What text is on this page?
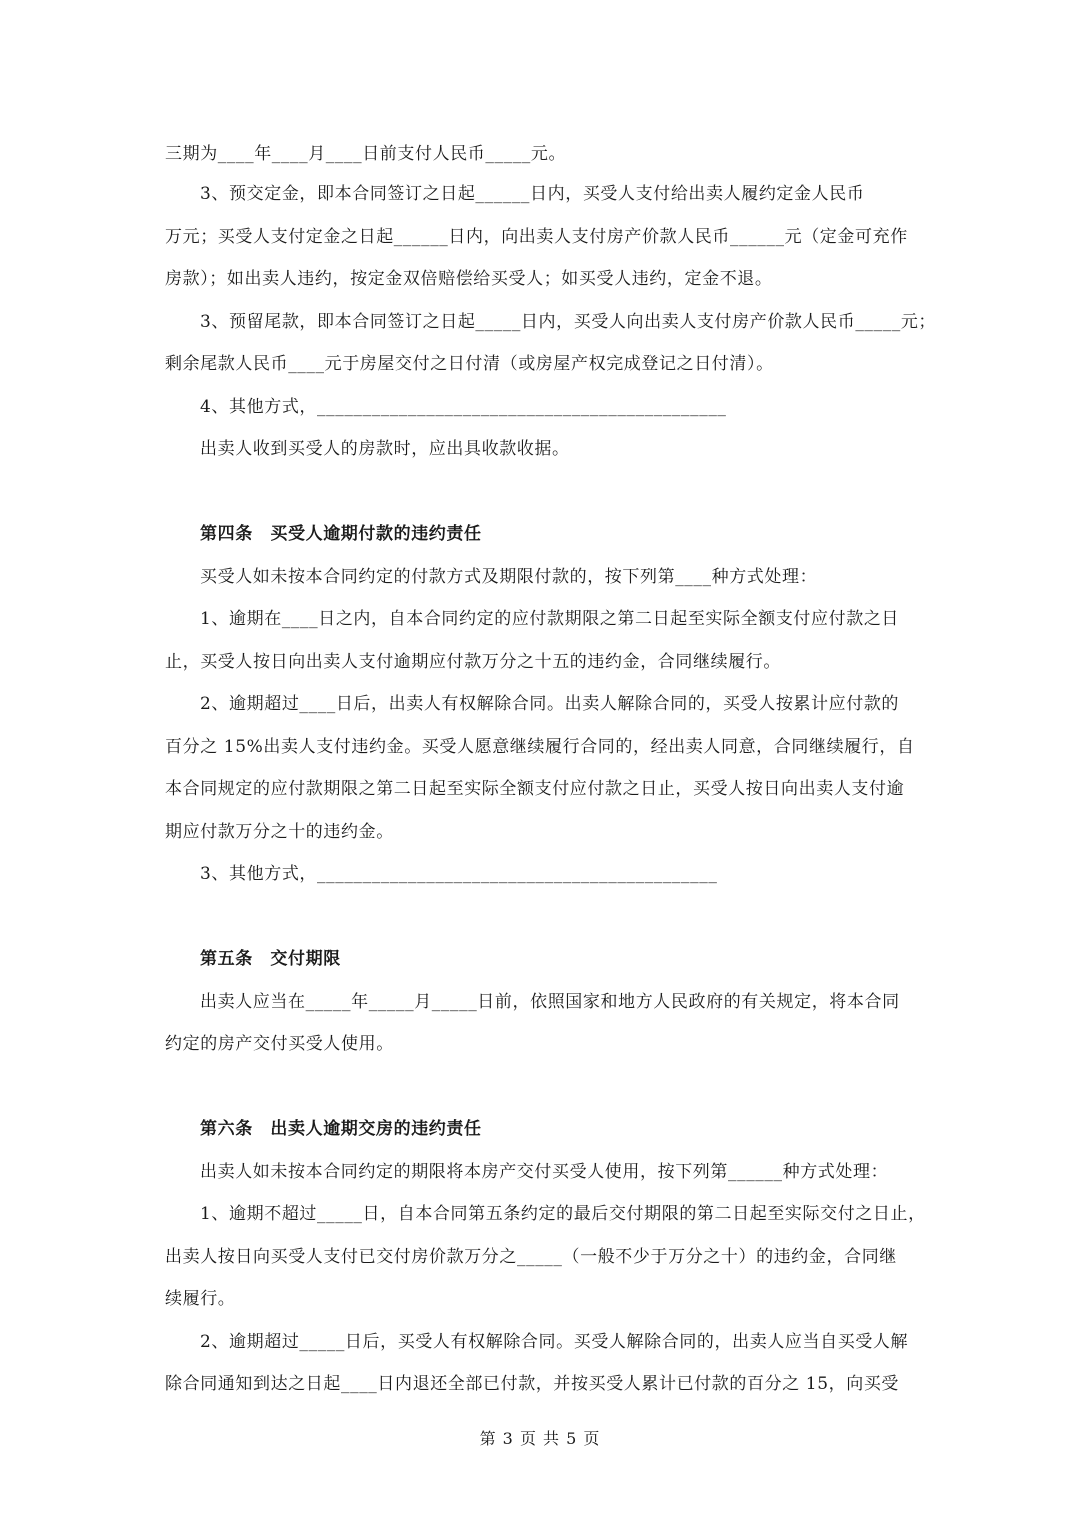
三期为____年____月____日前支付人民币_____元。
3、预交定金，即本合同签订之日起______日内，买受人支付给出卖人履约定金人民币
万元；买受人支付定金之日起______日内，向出卖人支付房产价款人民币______元（定金可充作
房款）；如出卖人违约，按定金双倍赔偿给买受人；如买受人违约，定金不退。
3、预留尾款，即本合同签订之日起_____日内，买受人向出卖人支付房产价款人民币_____元；
剩余尾款人民币____元于房屋交付之日付清（或房屋产权完成登记之日付清）。
4、其他方式，_____________________________________________
出卖人收到买受人的房款时，应出具收款收据。
第四条　买受人逾期付款的违约责任
买受人如未按本合同约定的付款方式及期限付款的，按下列第____种方式处理：
1、逾期在____日之内，自本合同约定的应付款期限之第二日起至实际全额支付应付款之日
止，买受人按日向出卖人支付逾期应付款万分之十五的违约金，合同继续履行。
2、逾期超过____日后，出卖人有权解除合同。出卖人解除合同的，买受人按累计应付款的
百分之 15%出卖人支付违约金。买受人愿意继续履行合同的，经出卖人同意，合同继续履行，自
本合同规定的应付款期限之第二日起至实际全额支付应付款之日止，买受人按日向出卖人支付逾
期应付款万分之十的违约金。
3、其他方式，____________________________________________
第五条　交付期限
出卖人应当在_____年_____月_____日前，依照国家和地方人民政府的有关规定，将本合同
约定的房产交付买受人使用。
第六条　出卖人逾期交房的违约责任
出卖人如未按本合同约定的期限将本房产交付买受人使用，按下列第______种方式处理：
1、逾期不超过_____日，自本合同第五条约定的最后交付期限的第二日起至实际交付之日止，
出卖人按日向买受人支付已交付房价款万分之_____（一般不少于万分之十）的违约金，合同继
续履行。
2、逾期超过_____日后，买受人有权解除合同。买受人解除合同的，出卖人应当自买受人解
除合同通知到达之日起____日内退还全部已付款，并按买受人累计已付款的百分之 15，向买受
第 3 页 共 5 页
